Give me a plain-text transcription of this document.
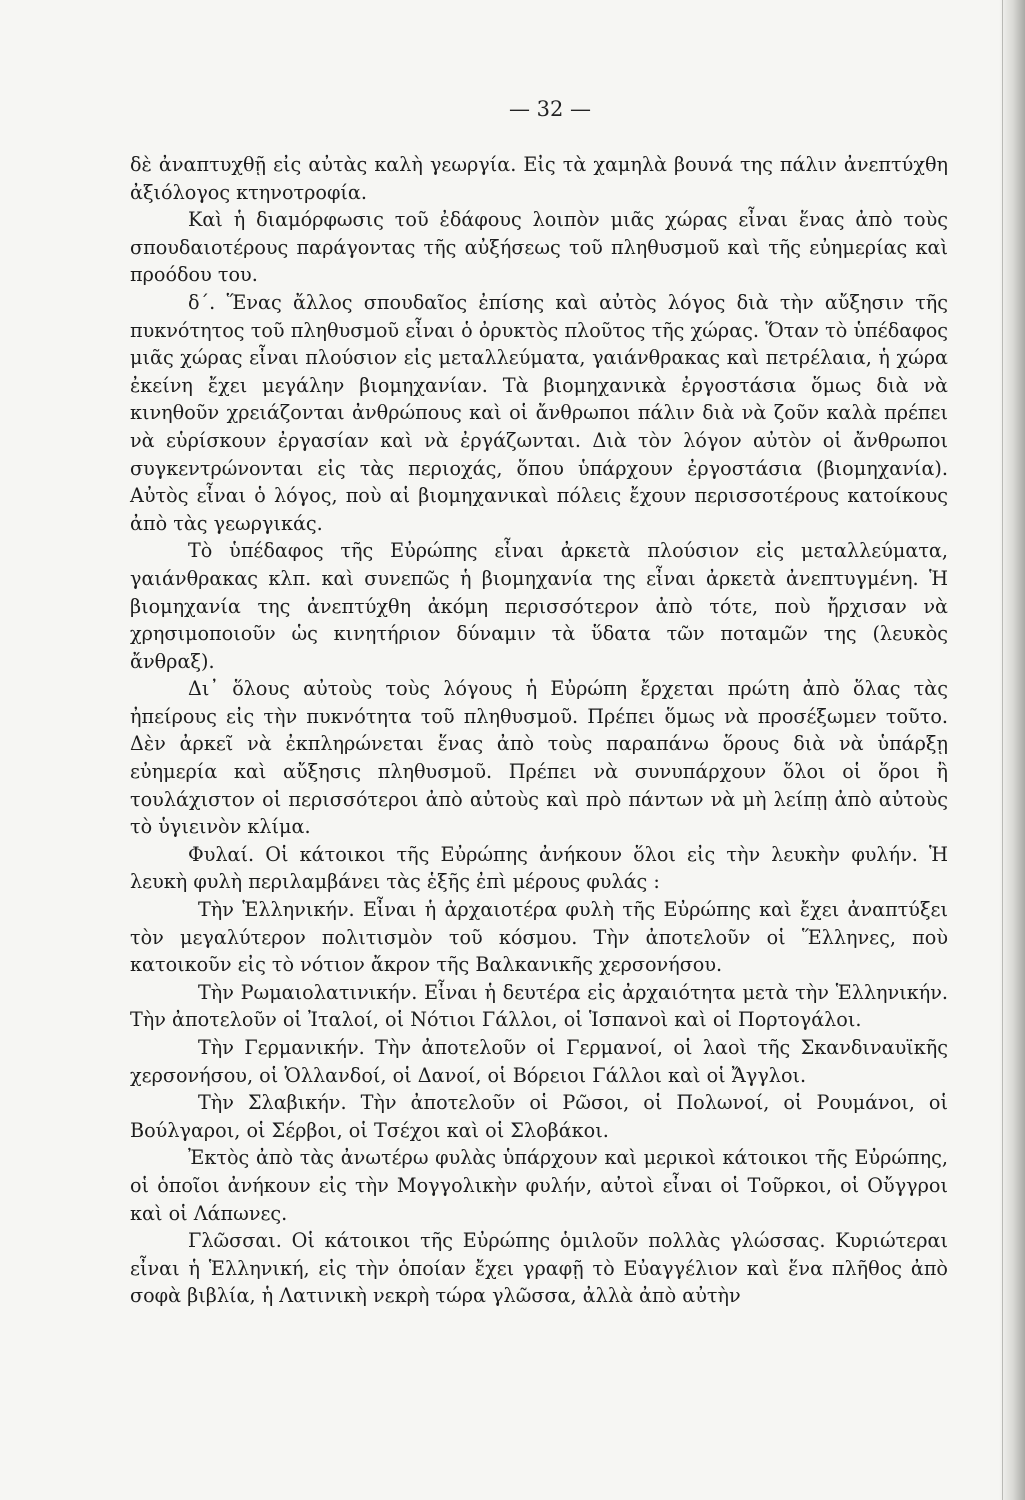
— 32 —

δὲ ἀναπτυχθῇ εἰς αὐτὰς καλὴ γεωργία. Εἰς τὰ χαμηλὰ βουνά της πάλιν ἀνεπτύχθη ἀξιόλογος κτηνοτροφία.

Καὶ ἡ διαμόρφωσις τοῦ ἐδάφους λοιπὸν μιᾶς χώρας εἶναι ἕνας ἀπὸ τοὺς σπουδαιοτέρους παράγοντας τῆς αὐξήσεως τοῦ πληθυσμοῦ καὶ τῆς εὐημερίας καὶ προόδου του.

δ΄. Ἕνας ἄλλος σπουδαῖος ἐπίσης καὶ αὐτὸς λόγος διὰ τὴν αὔξησιν τῆς πυκνότητος τοῦ πληθυσμοῦ εἶναι ὁ ὀρυκτὸς πλοῦτος τῆς χώρας. Ὅταν τὸ ὑπέδαφος μιᾶς χώρας εἶναι πλούσιον εἰς μεταλλεύματα, γαιάνθρακας καὶ πετρέλαια, ἡ χώρα ἐκείνη ἔχει μεγάλην βιομηχανίαν. Τὰ βιομηχανικὰ ἐργοστάσια ὅμως διὰ νὰ κινηθοῦν χρειάζονται ἀνθρώπους καὶ οἱ ἄνθρωποι πάλιν διὰ νὰ ζοῦν καλὰ πρέπει νὰ εὑρίσκουν ἐργασίαν καὶ νὰ ἐργάζωνται. Διὰ τὸν λόγον αὐτὸν οἱ ἄνθρωποι συγκεντρώνονται εἰς τὰς περιοχάς, ὅπου ὑπάρχουν ἐργοστάσια (βιομηχανία). Αὐτὸς εἶναι ὁ λόγος, ποὺ αἱ βιομηχανικαὶ πόλεις ἔχουν περισσοτέρους κατοίκους ἀπὸ τὰς γεωργικάς.

Τὸ ὑπέδαφος τῆς Εὐρώπης εἶναι ἀρκετὰ πλούσιον εἰς μεταλλεύματα, γαιάνθρακας κλπ. καὶ συνεπῶς ἡ βιομηχανία της εἶναι ἀρκετὰ ἀνεπτυγμένη. Ἡ βιομηχανία της ἀνεπτύχθη ἀκόμη περισσότερον ἀπὸ τότε, ποὺ ἤρχισαν νὰ χρησιμοποιοῦν ὡς κινητήριον δύναμιν τὰ ὕδατα τῶν ποταμῶν της (λευκὸς ἄνθραξ).

Δι᾿ ὅλους αὐτοὺς τοὺς λόγους ἡ Εὐρώπη ἔρχεται πρώτη ἀπὸ ὅλας τὰς ἠπείρους εἰς τὴν πυκνότητα τοῦ πληθυσμοῦ. Πρέπει ὅμως νὰ προσέξωμεν τοῦτο. Δὲν ἀρκεῖ νὰ ἐκπληρώνεται ἕνας ἀπὸ τοὺς παραπάνω ὅρους διὰ νὰ ὑπάρξῃ εὐημερία καὶ αὔξησις πληθυσμοῦ. Πρέπει νὰ συνυπάρχουν ὅλοι οἱ ὅροι ἢ τουλάχιστον οἱ περισσότεροι ἀπὸ αὐτοὺς καὶ πρὸ πάντων νὰ μὴ λείπῃ ἀπὸ αὐτοὺς τὸ ὑγιεινὸν κλίμα.

Φυλαί. Οἱ κάτοικοι τῆς Εὐρώπης ἀνήκουν ὅλοι εἰς τὴν λευκὴν φυλήν. Ἡ λευκὴ φυλὴ περιλαμβάνει τὰς ἑξῆς ἐπὶ μέρους φυλάς :

Τὴν Ἑλληνικήν. Εἶναι ἡ ἀρχαιοτέρα φυλὴ τῆς Εὐρώπης καὶ ἔχει ἀναπτύξει τὸν μεγαλύτερον πολιτισμὸν τοῦ κόσμου. Τὴν ἀποτελοῦν οἱ Ἕλληνες, ποὺ κατοικοῦν εἰς τὸ νότιον ἄκρον τῆς Βαλκανικῆς χερσονήσου.

Τὴν Ρωμαιολατινικήν. Εἶναι ἡ δευτέρα εἰς ἀρχαιότητα μετὰ τὴν Ἑλληνικήν. Τὴν ἀποτελοῦν οἱ Ἰταλοί, οἱ Νότιοι Γάλλοι, οἱ Ἱσπανοὶ καὶ οἱ Πορτογάλοι.

Τὴν Γερμανικήν. Τὴν ἀποτελοῦν οἱ Γερμανοί, οἱ λαοὶ τῆς Σκανδιναυϊκῆς χερσονήσου, οἱ Ὁλλανδοί, οἱ Δανοί, οἱ Βόρειοι Γάλλοι καὶ οἱ Ἄγγλοι.

Τὴν Σλαβικήν. Τὴν ἀποτελοῦν οἱ Ρῶσοι, οἱ Πολωνοί, οἱ Ρουμάνοι, οἱ Βούλγαροι, οἱ Σέρβοι, οἱ Τσέχοι καὶ οἱ Σλοβάκοι.

Ἐκτὸς ἀπὸ τὰς ἀνωτέρω φυλὰς ὑπάρχουν καὶ μερικοὶ κάτοικοι τῆς Εὐρώπης, οἱ ὁποῖοι ἀνήκουν εἰς τὴν Μογγολικὴν φυλήν, αὐτοὶ εἶναι οἱ Τοῦρκοι, οἱ Οὔγγροι καὶ οἱ Λάπωνες.

Γλῶσσαι. Οἱ κάτοικοι τῆς Εὐρώπης ὁμιλοῦν πολλὰς γλώσσας. Κυριώτεραι εἶναι ἡ Ἑλληνική, εἰς τὴν ὁποίαν ἔχει γραφῇ τὸ Εὐαγγέλιον καὶ ἕνα πλῆθος ἀπὸ σοφὰ βιβλία, ἡ Λατινικὴ νεκρὴ τώρα γλῶσσα, ἀλλὰ ἀπὸ αὐτὴν
